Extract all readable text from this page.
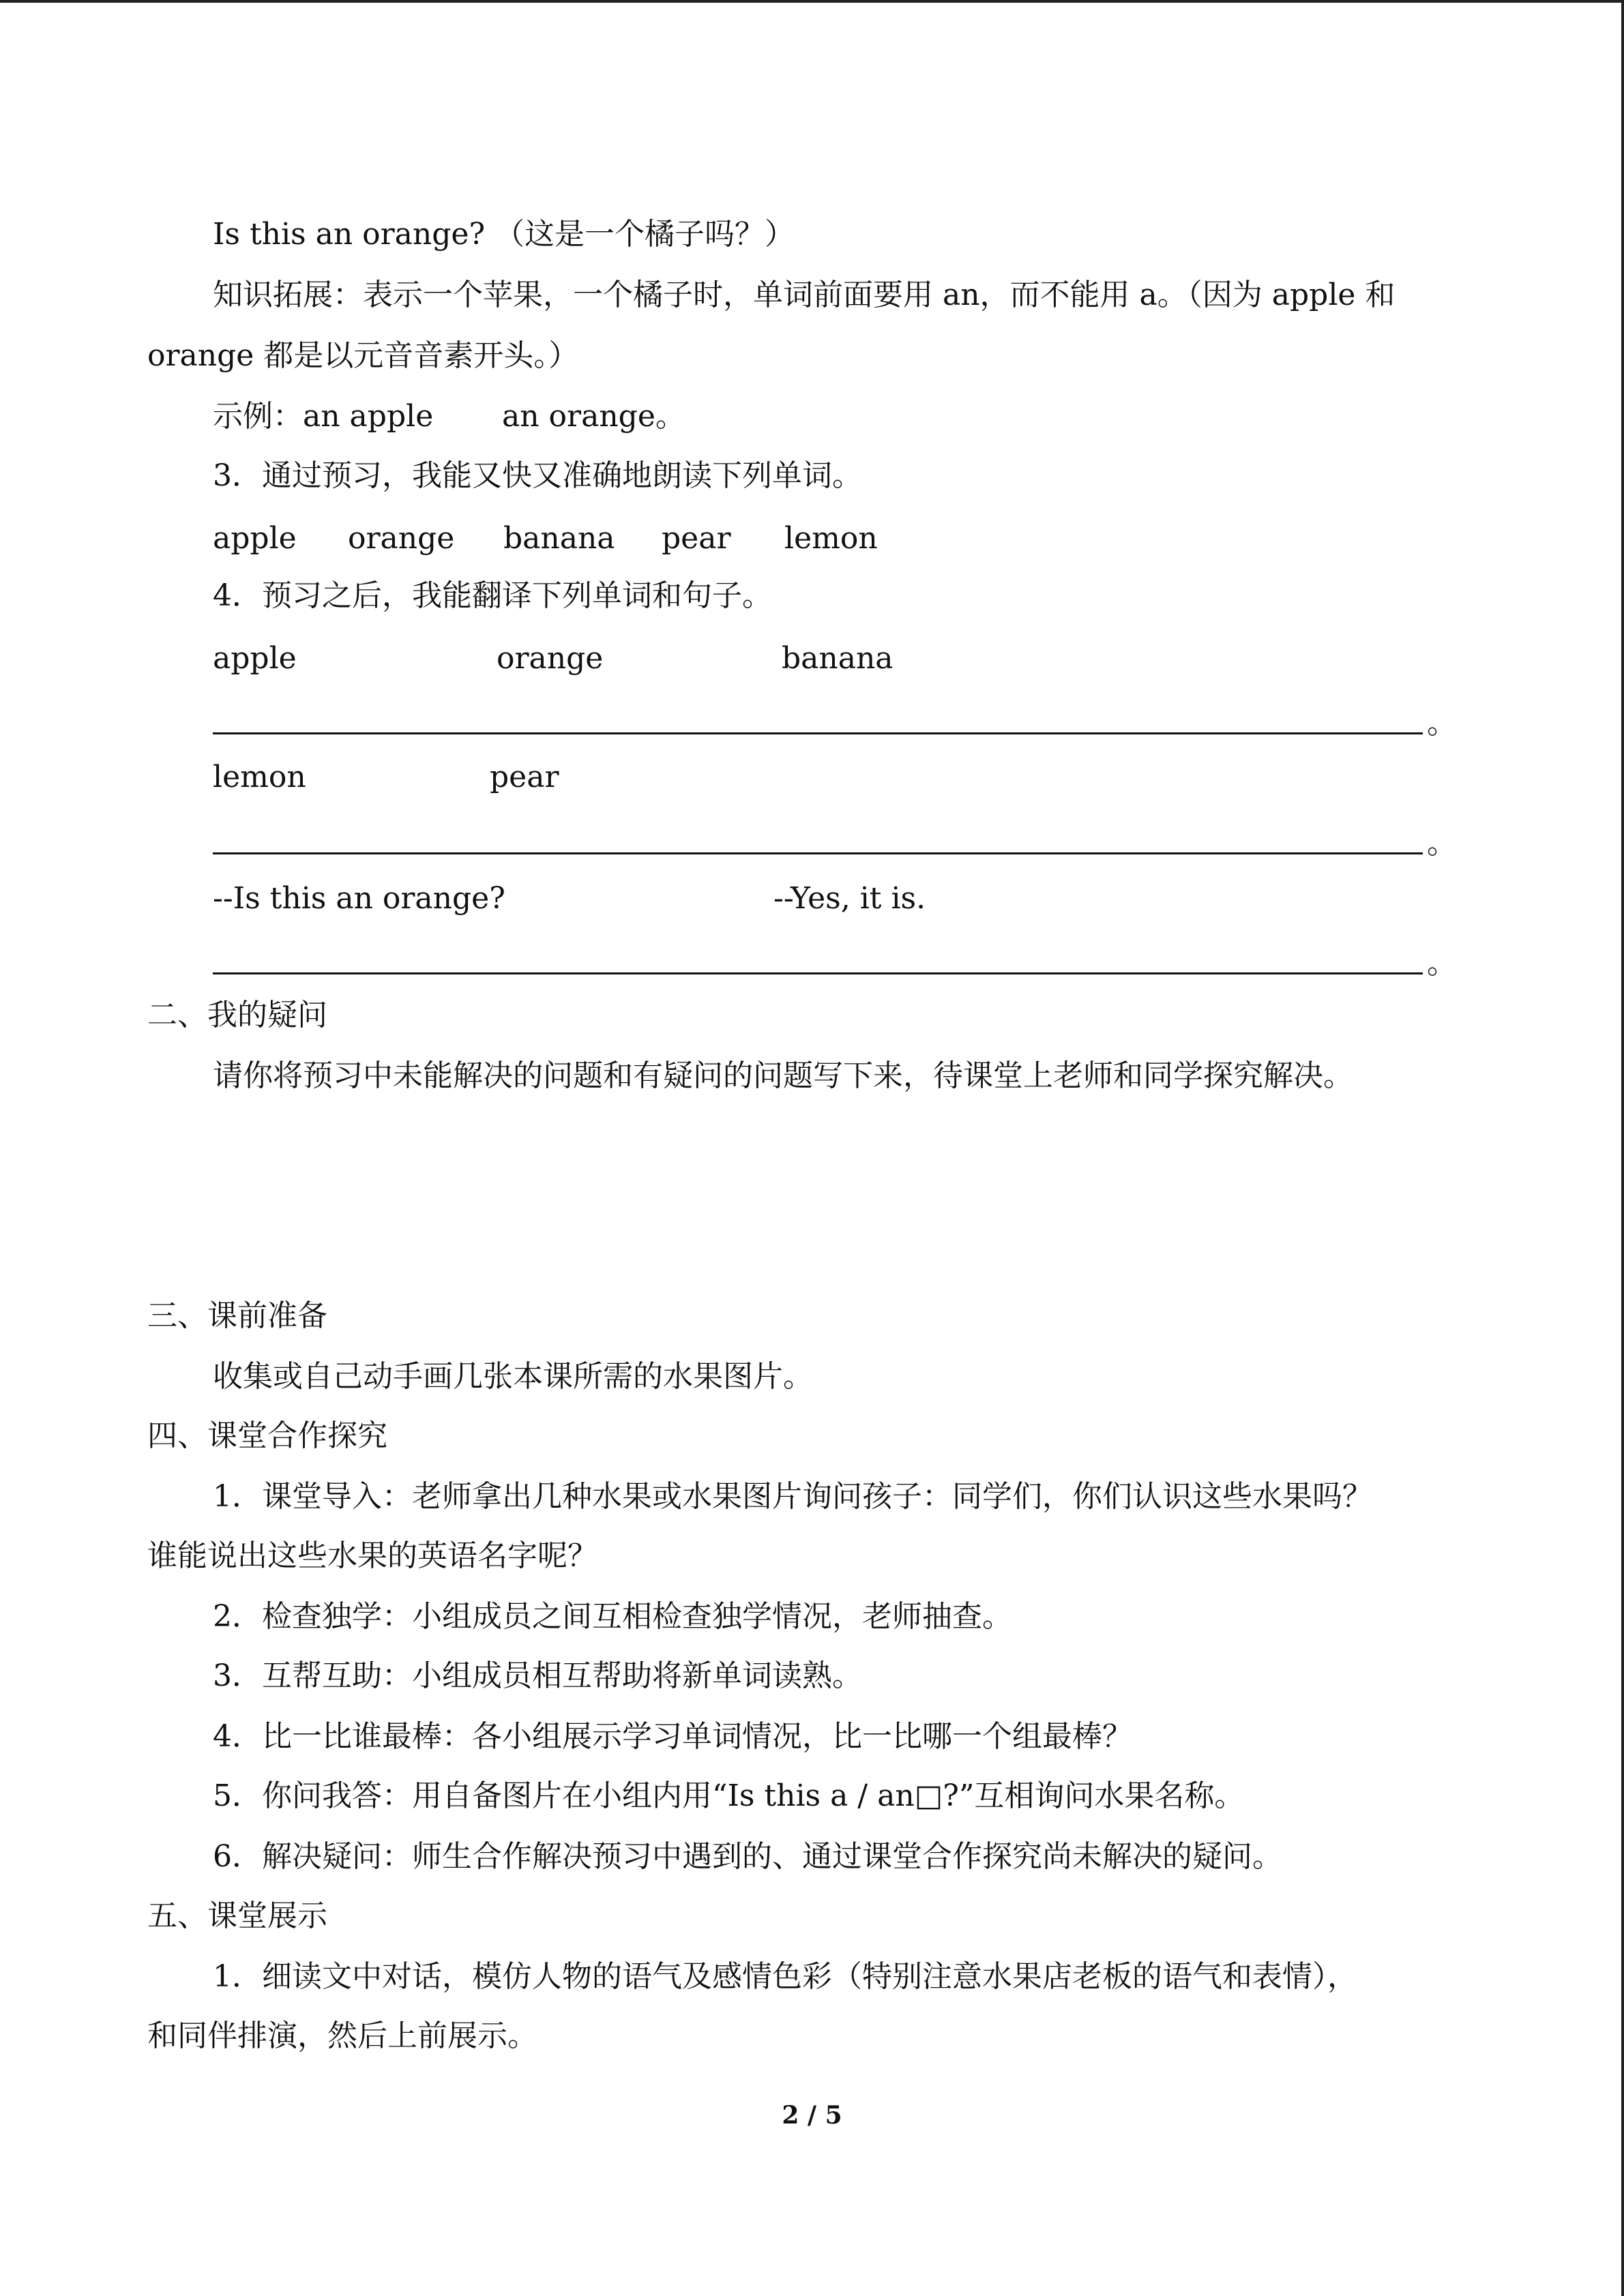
Is this an orange? （这是一个橘子吗？）
知识拓展：表示一个苹果，一个橘子时，单词前面要用 an，而不能用 a。（因为 apple 和
orange 都是以元音音素开头。）
示例：an apple an orange。
3．通过预习，我能又快又准确地朗读下列单词。
apple orange banana pear lemon
4．预习之后，我能翻译下列单词和句子。
apple	orange	banana
。
lemon	pear
。
--Is this an orange?	--Yes, it is.
。
二、我的疑问
请你将预习中未能解决的问题和有疑问的问题写下来，待课堂上老师和同学探究解决。
三、课前准备
收集或自己动手画几张本课所需的水果图片。
四、课堂合作探究
1．课堂导入：老师拿出几种水果或水果图片询问孩子：同学们，你们认识这些水果吗？
谁能说出这些水果的英语名字呢？
2．检查独学：小组成员之间互相检查独学情况，老师抽查。
3．互帮互助：小组成员相互帮助将新单词读熟。
4．比一比谁最棒：各小组展示学习单词情况，比一比哪一个组最棒？
5．你问我答：用自备图片在小组内用“Is this a / an□?”互相询问水果名称。
6．解决疑问：师生合作解决预习中遇到的、通过课堂合作探究尚未解决的疑问。
五、课堂展示
1．细读文中对话，模仿人物的语气及感情色彩（特别注意水果店老板的语气和表情），
和同伴排演，然后上前展示。
2 / 5
